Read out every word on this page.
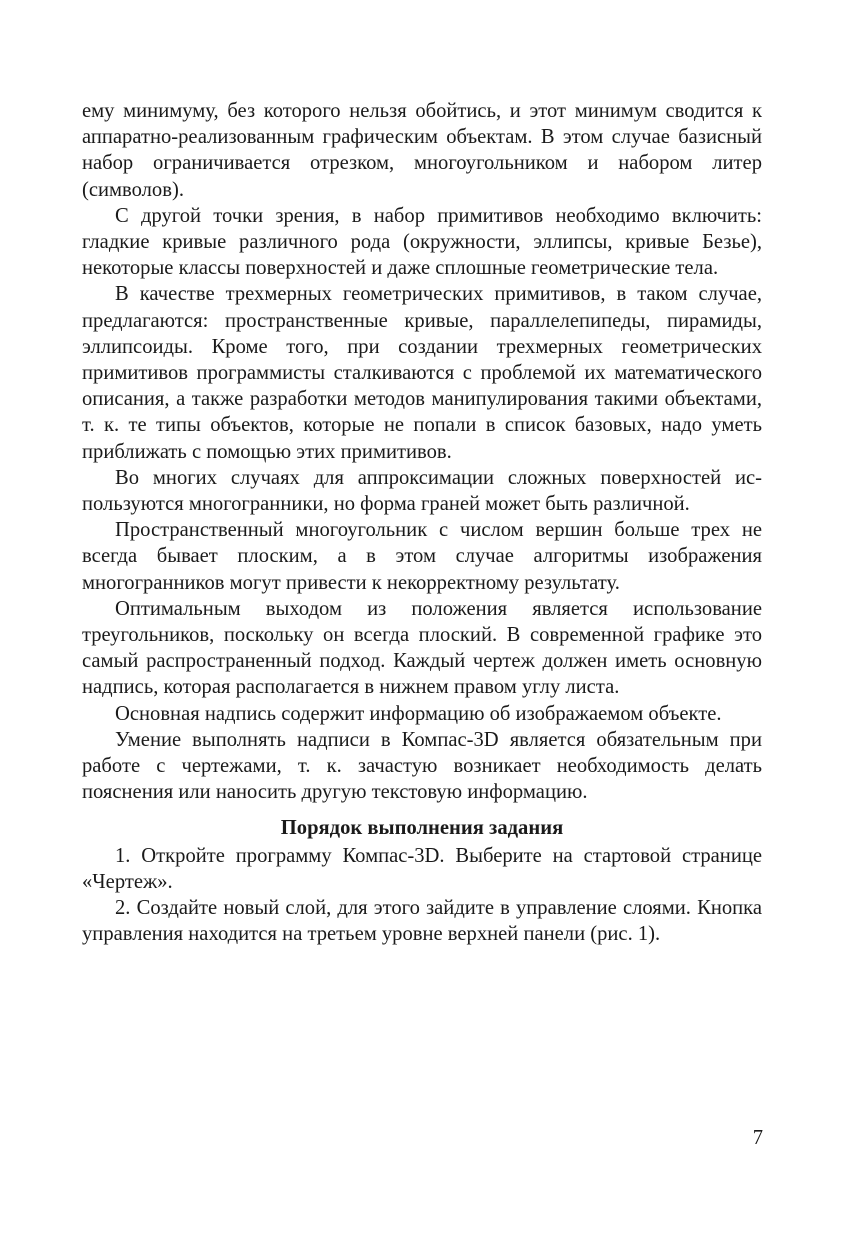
ему минимуму, без которого нельзя обойтись, и этот минимум сводится к аппаратно-реализованным графическим объектам. В этом случае базисный набор ограничивается отрезком, многоугольником и набором литер (символов).

С другой точки зрения, в набор примитивов необходимо включить: гладкие кривые различного рода (окружности, эллипсы, кривые Безье), некоторые классы поверхностей и даже сплошные геометрические тела.

В качестве трехмерных геометрических примитивов, в таком случае, предлагаются: пространственные кривые, параллелепипеды, пирамиды, эллипсоиды. Кроме того, при создании трехмерных геометрических примитивов программисты сталкиваются с проблемой их математического описания, а также разработки методов манипулирования такими объектами, т. к. те типы объектов, которые не попали в список базовых, надо уметь приближать с помощью этих примитивов.

Во многих случаях для аппроксимации сложных поверхностей используются многогранники, но форма граней может быть различной.

Пространственный многоугольник с числом вершин больше трех не всегда бывает плоским, а в этом случае алгоритмы изображения многогранников могут привести к некорректному результату.

Оптимальным выходом из положения является использование треугольников, поскольку он всегда плоский. В современной графике это самый распространенный подход. Каждый чертеж должен иметь основную надпись, которая располагается в нижнем правом углу листа.

Основная надпись содержит информацию об изображаемом объекте.

Умение выполнять надписи в Компас-3D является обязательным при работе с чертежами, т. к. зачастую возникает необходимость делать пояснения или наносить другую текстовую информацию.

Порядок выполнения задания

1. Откройте программу Компас-3D. Выберите на стартовой странице «Чертеж».

2. Создайте новый слой, для этого зайдите в управление слоями. Кнопка управления находится на третьем уровне верхней панели (рис. 1).

7
